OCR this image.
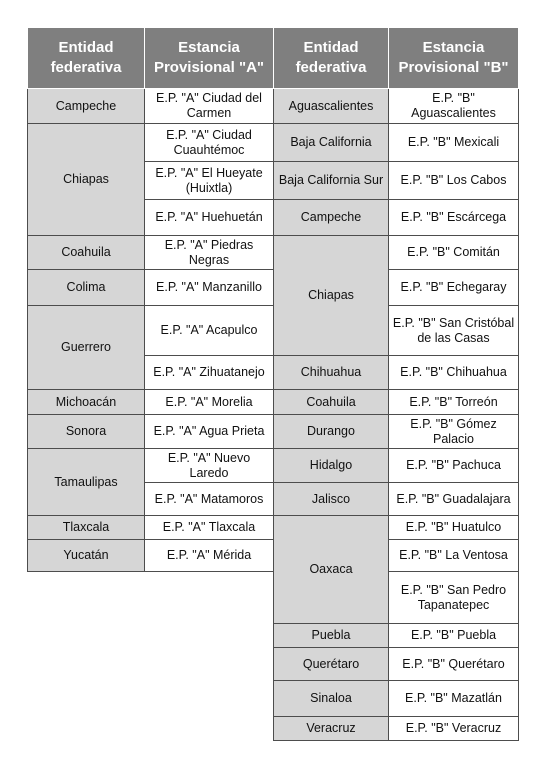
Entidad federativa	Estancia Provisional "A"
Campeche	E.P. "A" Ciudad del Carmen
Chiapas	E.P. "A" Ciudad Cuauhtémoc
	E.P. "A" El Hueyate (Huixtla)
	E.P. "A" Huehuetán
Coahuila	E.P. "A" Piedras Negras
Colima	E.P. "A" Manzanillo
Guerrero	E.P. "A" Acapulco
	E.P. "A" Zihuatanejo
Michoacán	E.P. "A" Morelia
Sonora	E.P. "A" Agua Prieta
Tamaulipas	E.P. "A" Nuevo Laredo
	E.P. "A" Matamoros
Tlaxcala	E.P. "A" Tlaxcala
Yucatán	E.P. "A" Mérida
Entidad federativa	Estancia Provisional "B"
Aguascalientes	E.P. "B" Aguascalientes
Baja California	E.P. "B" Mexicali
Baja California Sur	E.P. "B" Los Cabos
Campeche	E.P. "B" Escárcega
Chiapas	E.P. "B" Comitán
	E.P. "B" Echegaray
	E.P. "B" San Cristóbal de las Casas
Chihuahua	E.P. "B" Chihuahua
Coahuila	E.P. "B" Torreón
Durango	E.P. "B" Gómez Palacio
Hidalgo	E.P. "B" Pachuca
Jalisco	E.P. "B" Guadalajara
Oaxaca	E.P. "B" Huatulco
	E.P. "B" La Ventosa
	E.P. "B" San Pedro Tapanatepec
Puebla	E.P. "B" Puebla
Querétaro	E.P. "B" Querétaro
Sinaloa	E.P. "B" Mazatlán
Veracruz	E.P. "B" Veracruz
